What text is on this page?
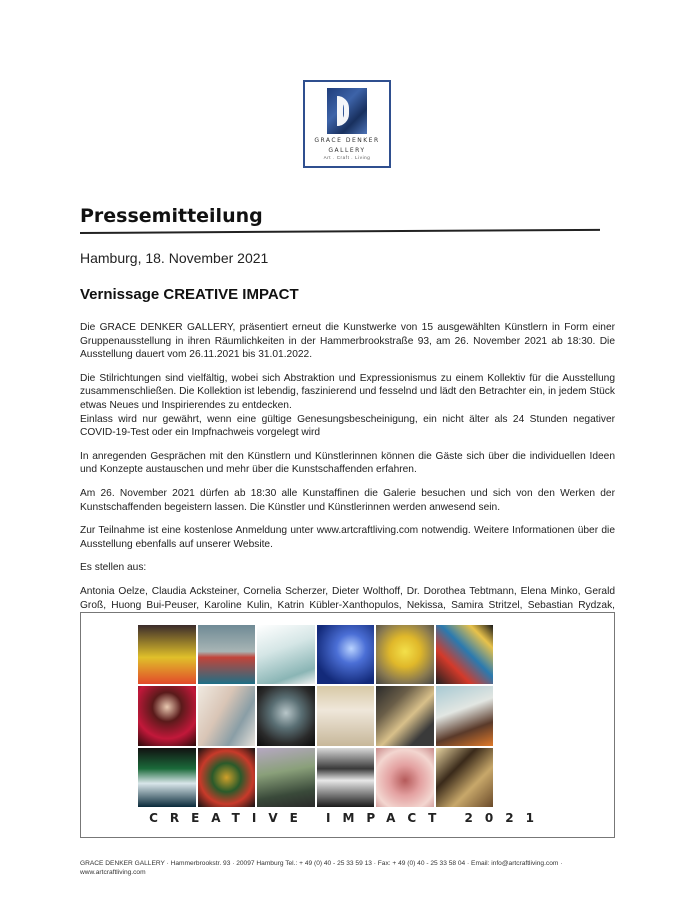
GRACE DENKER
GALLERY
Art . Craft . Living
Pressemitteilung
Hamburg, 18. November 2021
Vernissage CREATIVE IMPACT

Die GRACE DENKER GALLERY, präsentiert erneut die Kunstwerke von 15 ausgewählten Künstlern in Form einer Gruppenausstellung in ihren Räumlichkeiten in der Hammerbrookstraße 93, am 26. November 2021 ab 18:30. Die Ausstellung dauert vom 26.11.2021 bis 31.01.2022.

Die Stilrichtungen sind vielfältig, wobei sich Abstraktion und Expressionismus zu einem Kollektiv für die Ausstellung zusammenschließen. Die Kollektion ist lebendig, faszinierend und fesselnd und lädt den Betrachter ein, in jedem Stück etwas Neues und Inspirierendes zu entdecken.

Einlass wird nur gewährt, wenn eine gültige Genesungsbescheinigung, ein nicht älter als 24 Stunden negativer COVID-19-Test oder ein Impfnachweis vorgelegt wird

In anregenden Gesprächen mit den Künstlern und Künstlerinnen können die Gäste sich über die individuellen Ideen und Konzepte austauschen und mehr über die Kunstschaffenden erfahren.

Am 26. November 2021 dürfen ab 18:30 alle Kunstaffinen die Galerie besuchen und sich von den Werken der Kunstschaffenden begeistern lassen. Die Künstler und Künstlerinnen werden anwesend sein.

Zur Teilnahme ist eine kostenlose Anmeldung unter www.artcraftliving.com notwendig. Weitere Informationen über die Ausstellung ebenfalls auf unserer Website.

Es stellen aus:

Antonia Oelze, Claudia Acksteiner, Cornelia Scherzer, Dieter Wolthoff, Dr. Dorothea Tebtmann, Elena Minko, Gerald Groß, Huong Bui-Peuser, Karoline Kulin, Katrin Kübler-Xanthopulos, Nekissa, Samira Stritzel, Sebastian Rydzak,

CREATIVE IMPACT 2021
GRACE DENKER GALLERY · Hammerbrookstr. 93 · 20097 Hamburg Tel.: + 49 (0) 40 - 25 33 59 13 · Fax: + 49 (0) 40 - 25 33 58 04 · Email: info@artcraftliving.com ·
www.artcraftliving.com
